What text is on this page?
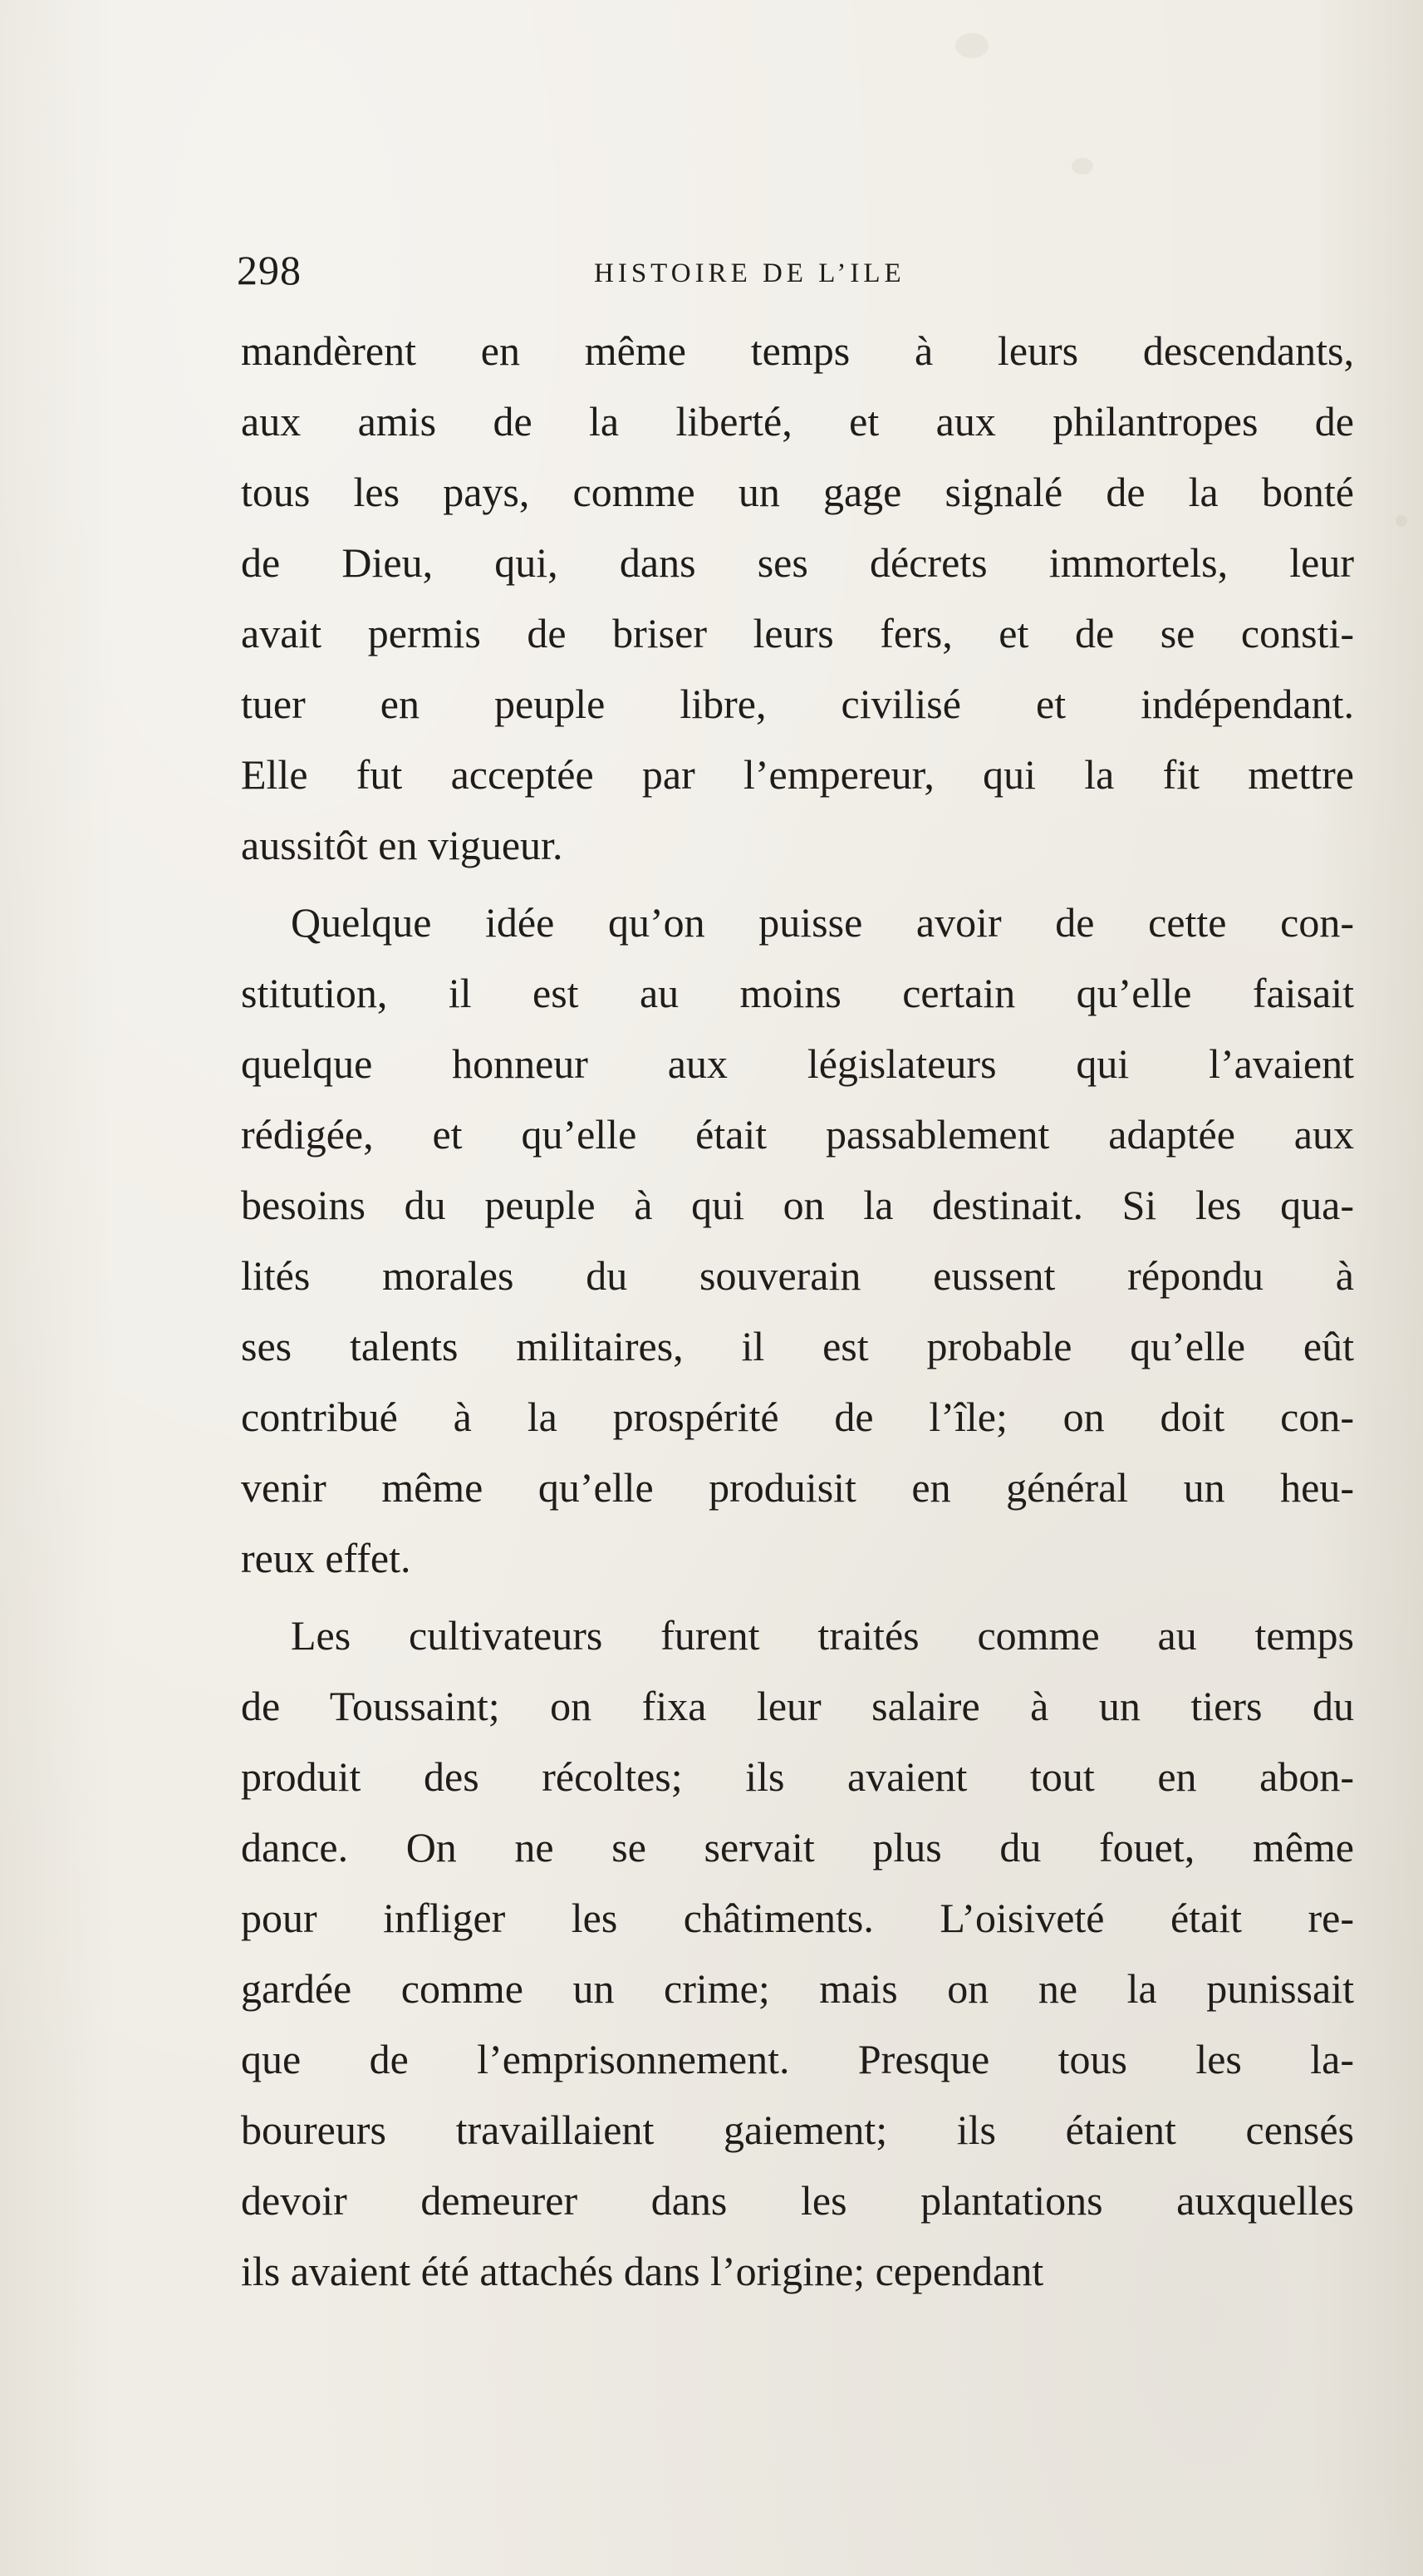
298	HISTOIRE DE L’ILE
mandèrent en même temps à leurs descendants,
aux amis de la liberté, et aux philantropes de
tous les pays, comme un gage signalé de la bonté
de Dieu, qui, dans ses décrets immortels, leur
avait permis de briser leurs fers, et de se consti-
tuer en peuple libre, civilisé et indépendant.
Elle fut acceptée par l’empereur, qui la fit mettre
aussitôt en vigueur.
Quelque idée qu’on puisse avoir de cette con-
stitution, il est au moins certain qu’elle faisait
quelque honneur aux législateurs qui l’avaient
rédigée, et qu’elle était passablement adaptée aux
besoins du peuple à qui on la destinait. Si les qua-
lités morales du souverain eussent répondu à
ses talents militaires, il est probable qu’elle eût
contribué à la prospérité de l’île; on doit con-
venir même qu’elle produisit en général un heu-
reux effet.
Les cultivateurs furent traités comme au temps
de Toussaint; on fixa leur salaire à un tiers du
produit des récoltes; ils avaient tout en abon-
dance. On ne se servait plus du fouet, même
pour infliger les châtiments. L’oisiveté était re-
gardée comme un crime; mais on ne la punissait
que de l’emprisonnement. Presque tous les la-
boureurs travaillaient gaiement; ils étaient censés
devoir demeurer dans les plantations auxquelles
ils avaient été attachés dans l’origine; cependant
